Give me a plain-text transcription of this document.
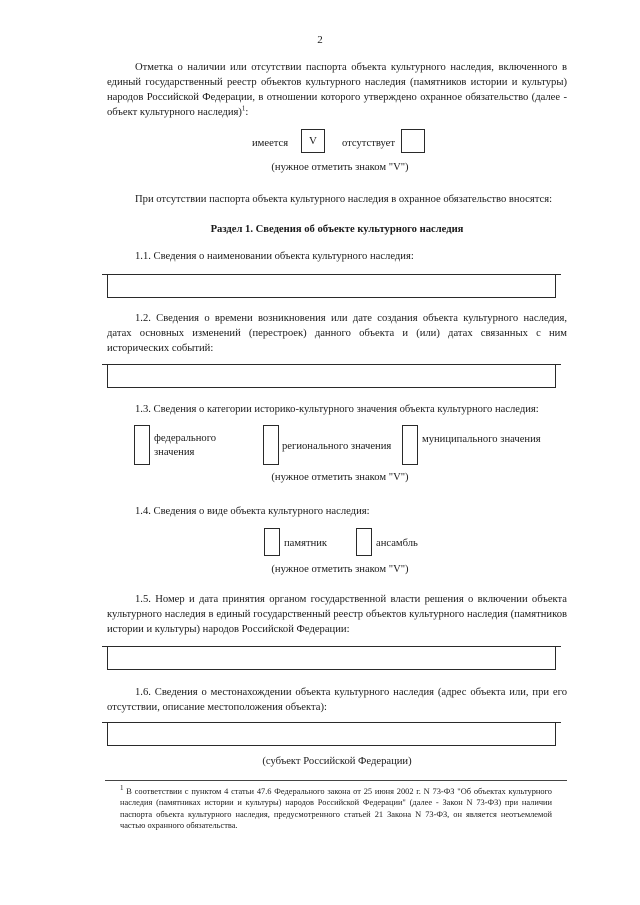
2
Отметка о наличии или отсутствии паспорта объекта культурного наследия, включенного в единый государственный реестр объектов культурного наследия (памятников истории и культуры) народов Российской Федерации, в отношении которого утверждено охранное обязательство (далее - объект культурного наследия)$^1$:
имеется	V	отсутствует
(нужное отметить знаком "V")
При отсутствии паспорта объекта культурного наследия в охранное обязательство вносятся:
Раздел 1. Сведения об объекте культурного наследия
1.1. Сведения о наименовании объекта культурного наследия:
1.2. Сведения о времени возникновения или дате создания объекта культурного наследия, датах основных изменений (перестроек) данного объекта и (или) датах связанных с ним исторических событий:
1.3. Сведения о категории историко-культурного значения объекта культурного наследия:
федерального
значения
регионального значения
муниципального значения
(нужное отметить знаком "V")
1.4. Сведения о виде объекта культурного наследия:
памятник	ансамбль
(нужное отметить знаком "V")
1.5. Номер и дата принятия органом государственной власти решения о включении объекта культурного наследия в единый государственный реестр объектов культурного наследия (памятников истории и культуры) народов Российской Федерации:
1.6. Сведения о местонахождении объекта культурного наследия (адрес объекта или, при его отсутствии, описание местоположения объекта):
(субъект Российской Федерации)
$^1$ В соответствии с пунктом 4 статьи 47.6 Федерального закона от 25 июня 2002 г. N 73-ФЗ "Об объектах культурного наследия (памятниках истории и культуры) народов Российской Федерации" (далее - Закон N 73-ФЗ) при наличии паспорта объекта культурного наследия, предусмотренного статьей 21 Закона N 73-ФЗ, он является неотъемлемой частью охранного обязательства.
